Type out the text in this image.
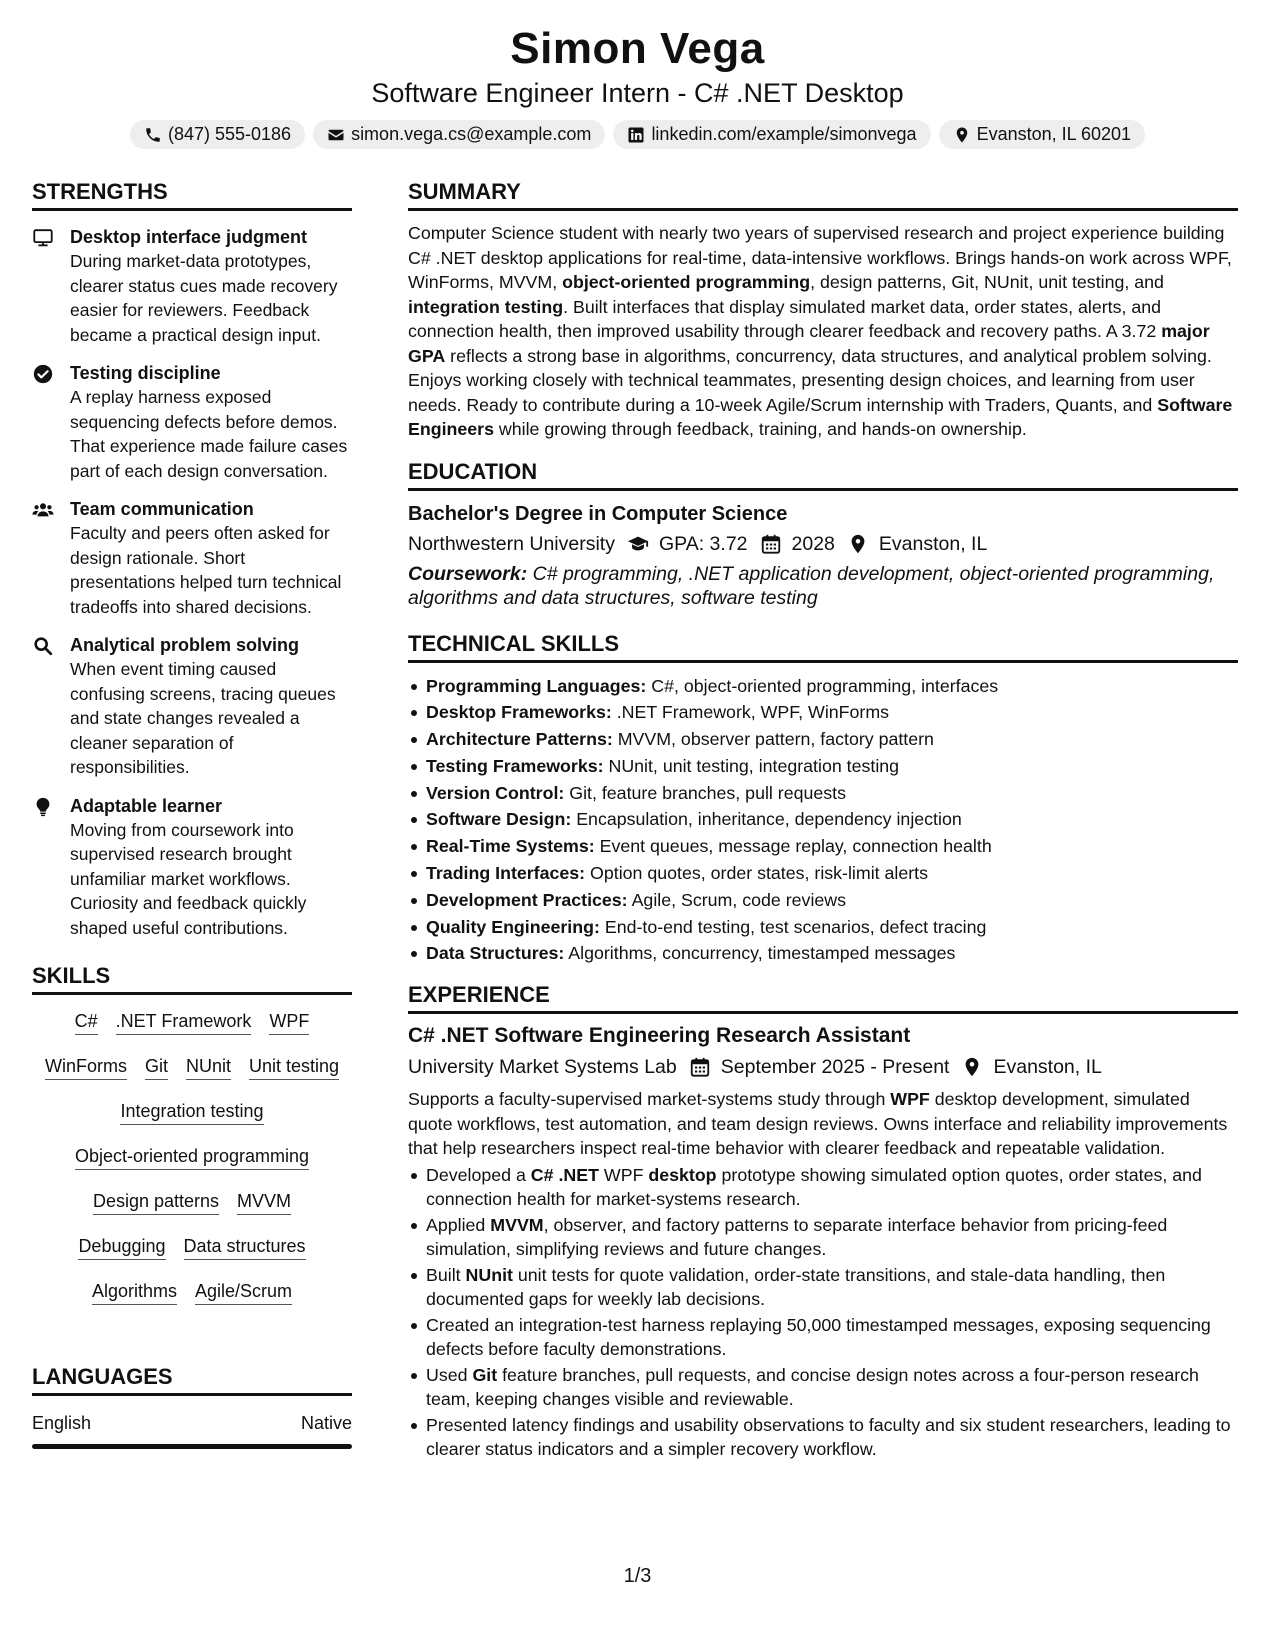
Simon Vega
Software Engineer Intern - C# .NET Desktop
(847) 555-0186	simon.vega.cs@example.com	linkedin.com/example/simonvega	Evanston, IL 60201
STRENGTHS
Desktop interface judgment
During market-data prototypes, clearer status cues made recovery easier for reviewers. Feedback became a practical design input.
Testing discipline
A replay harness exposed sequencing defects before demos. That experience made failure cases part of each design conversation.
Team communication
Faculty and peers often asked for design rationale. Short presentations helped turn technical tradeoffs into shared decisions.
Analytical problem solving
When event timing caused confusing screens, tracing queues and state changes revealed a cleaner separation of responsibilities.
Adaptable learner
Moving from coursework into supervised research brought unfamiliar market workflows. Curiosity and feedback quickly shaped useful contributions.
SKILLS
C# .NET Framework WPF
WinForms Git NUnit Unit testing
Integration testing
Object-oriented programming
Design patterns MVVM
Debugging Data structures
Algorithms Agile/Scrum
LANGUAGES
English	Native
SUMMARY
Computer Science student with nearly two years of supervised research and project experience building C# .NET desktop applications for real-time, data-intensive workflows. Brings hands-on work across WPF, WinForms, MVVM, object-oriented programming, design patterns, Git, NUnit, unit testing, and integration testing. Built interfaces that display simulated market data, order states, alerts, and connection health, then improved usability through clearer feedback and recovery paths. A 3.72 major GPA reflects a strong base in algorithms, concurrency, data structures, and analytical problem solving. Enjoys working closely with technical teammates, presenting design choices, and learning from user needs. Ready to contribute during a 10-week Agile/Scrum internship with Traders, Quants, and Software Engineers while growing through feedback, training, and hands-on ownership.
EDUCATION
Bachelor's Degree in Computer Science
Northwestern University GPA: 3.72 2028 Evanston, IL
Coursework: C# programming, .NET application development, object-oriented programming, algorithms and data structures, software testing
TECHNICAL SKILLS
Programming Languages: C#, object-oriented programming, interfaces
Desktop Frameworks: .NET Framework, WPF, WinForms
Architecture Patterns: MVVM, observer pattern, factory pattern
Testing Frameworks: NUnit, unit testing, integration testing
Version Control: Git, feature branches, pull requests
Software Design: Encapsulation, inheritance, dependency injection
Real-Time Systems: Event queues, message replay, connection health
Trading Interfaces: Option quotes, order states, risk-limit alerts
Development Practices: Agile, Scrum, code reviews
Quality Engineering: End-to-end testing, test scenarios, defect tracing
Data Structures: Algorithms, concurrency, timestamped messages
EXPERIENCE
C# .NET Software Engineering Research Assistant
University Market Systems Lab September 2025 - Present Evanston, IL
Supports a faculty-supervised market-systems study through WPF desktop development, simulated quote workflows, test automation, and team design reviews. Owns interface and reliability improvements that help researchers inspect real-time behavior with clearer feedback and repeatable validation.
Developed a C# .NET WPF desktop prototype showing simulated option quotes, order states, and connection health for market-systems research.
Applied MVVM, observer, and factory patterns to separate interface behavior from pricing-feed simulation, simplifying reviews and future changes.
Built NUnit unit tests for quote validation, order-state transitions, and stale-data handling, then documented gaps for weekly lab decisions.
Created an integration-test harness replaying 50,000 timestamped messages, exposing sequencing defects before faculty demonstrations.
Used Git feature branches, pull requests, and concise design notes across a four-person research team, keeping changes visible and reviewable.
Presented latency findings and usability observations to faculty and six student researchers, leading to clearer status indicators and a simpler recovery workflow.
1/3
